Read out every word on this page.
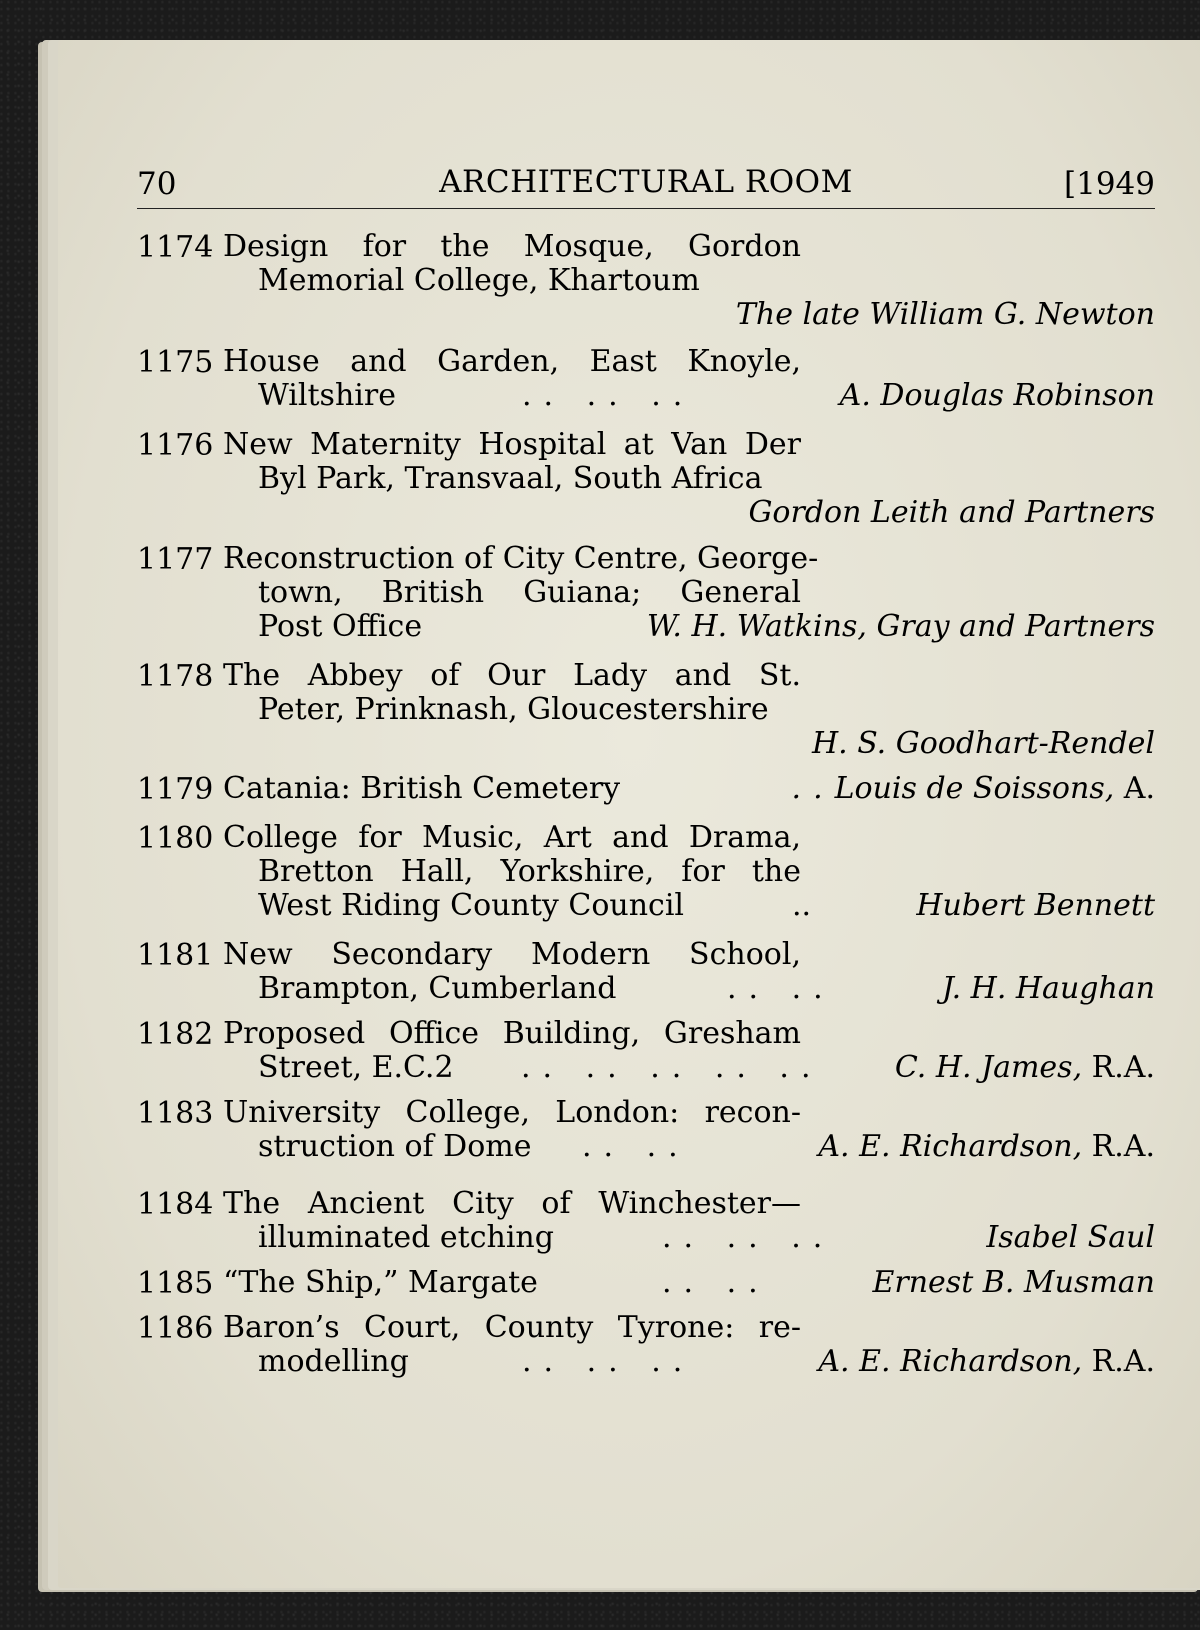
70	ARCHITECTURAL ROOM	[1949
1174 Design for the Mosque, Gordon
Memorial College, Khartoum
The late William G. Newton
1175 House and Garden, East Knoyle,
Wiltshire	.. .. ..	A. Douglas Robinson
1176 New Maternity Hospital at Van Der
Byl Park, Transvaal, South Africa
Gordon Leith and Partners
1177 Reconstruction of City Centre, George-
town, British Guiana; General
Post Office	W. H. Watkins, Gray and Partners
1178 The Abbey of Our Lady and St.
Peter, Prinknash, Gloucestershire
H. S. Goodhart-Rendel
1179 Catania: British Cemetery	..Louis de Soissons, A.
1180 College for Music, Art and Drama,
Bretton Hall, Yorkshire, for the
West Riding County Council	..	Hubert Bennett
1181 New Secondary Modern School,
Brampton, Cumberland	.. ..	J. H. Haughan
1182 Proposed Office Building, Gresham
Street, E.C.2 .. .. .. .. .. C. H. James, R.A.
1183 University College, London: recon-
struction of Dome .. ..	A. E. Richardson, R.A.
1184 The Ancient City of Winchester—
illuminated etching	.. .. ..	Isabel Saul
1185 “The Ship,” Margate	.. ..	Ernest B. Musman
1186 Baron’s Court, County Tyrone: re-
modelling	.. .. ..	A. E. Richardson, R.A.
